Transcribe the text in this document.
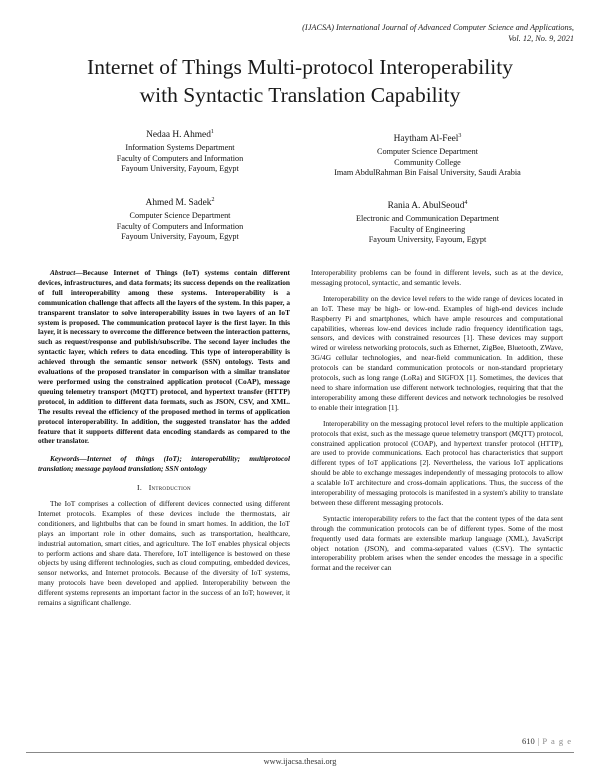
(IJACSA) International Journal of Advanced Computer Science and Applications,
Vol. 12, No. 9, 2021
Internet of Things Multi-protocol Interoperability
with Syntactic Translation Capability
Nedaa H. Ahmed$^1$
Information Systems Department
Faculty of Computers and Information
Fayoum University, Fayoum, Egypt
Haytham Al-Feel$^3$
Computer Science Department
Community College
Imam AbdulRahman Bin Faisal University, Saudi Arabia
Ahmed M. Sadek$^2$
Computer Science Department
Faculty of Computers and Information
Fayoum University, Fayoum, Egypt
Rania A. AbulSeoud$^4$
Electronic and Communication Department
Faculty of Engineering
Fayoum University, Fayoum, Egypt

Abstract—Because Internet of Things (IoT) systems contain different devices, infrastructures, and data formats; its success depends on the realization of full interoperability among these systems. Interoperability is a communication challenge that affects all the layers of the system. In this paper, a transparent translator to solve interoperability issues in two layers of an IoT system is proposed. The communication protocol layer is the first layer. In this layer, it is necessary to overcome the difference between the interaction patterns, such as request/response and publish/subscribe. The second layer includes the syntactic layer, which refers to data encoding. This type of interoperability is achieved through the semantic sensor network (SSN) ontology. Tests and evaluations of the proposed translator in comparison with a similar translator were performed using the constrained application protocol (CoAP), message queuing telemetry transport (MQTT) protocol, and hypertext transfer (HTTP) protocol, in addition to different data formats, such as JSON, CSV, and XML. The results reveal the efficiency of the proposed method in terms of application protocol interoperability. In addition, the suggested translator has the added feature that it supports different data encoding standards as compared to the other translator.

Keywords—Internet of things (IoT); interoperability; multiprotocol translation; message payload translation; SSN ontology

I. Introduction

The IoT comprises a collection of different devices connected using different Internet protocols. Examples of these devices include the thermostats, air conditioners, and lightbulbs that can be found in smart homes. In addition, the IoT plays an important role in other domains, such as transportation, healthcare, industrial automation, smart cities, and agriculture. The IoT enables physical objects to perform actions and share data. Therefore, IoT intelligence is bestowed on these objects by using different technologies, such as cloud computing, embedded devices, sensor networks, and Internet protocols. Because of the diversity of IoT systems, many protocols have been developed and applied. Interoperability between the different systems represents an important factor in the success of an IoT; however, it remains a significant challenge.

Interoperability problems can be found in different levels, such as at the device, messaging protocol, syntactic, and semantic levels.

Interoperability on the device level refers to the wide range of devices located in an IoT. These may be high- or low-end. Examples of high-end devices include Raspberry Pi and smartphones, which have ample resources and computational capabilities, whereas low-end devices include radio frequency identification tags, sensors, and devices with constrained resources [1]. These devices may support wired or wireless networking protocols, such as Ethernet, ZigBee, Bluetooth, ZWave, 3G/4G cellular technologies, and near-field communication. In addition, these protocols can be standard communication protocols or non-standard proprietary protocols, such as long range (LoRa) and SIGFOX [1]. Sometimes, the devices that need to share information use different network technologies, requiring that that the interoperability among these different devices and network technologies be resolved to enable their integration [1].

Interoperability on the messaging protocol level refers to the multiple application protocols that exist, such as the message queue telemetry transport (MQTT) protocol, constrained application protocol (COAP), and hypertext transfer protocol (HTTP), are used to provide communications. Each protocol has characteristics that support different types of IoT applications [2]. Nevertheless, the various IoT applications should be able to exchange messages independently of messaging protocols to allow a scalable IoT architecture and cross-domain applications. Thus, the success of the interoperability of messaging protocols is manifested in a system's ability to translate between these different messaging protocols.

Syntactic interoperability refers to the fact that the content types of the data sent through the communication protocols can be of different types. Some of the most frequently used data formats are extensible markup language (XML), JavaScript object notation (JSON), and comma-separated values (CSV). The syntactic interoperability problem arises when the sender encodes the message in a specific format and the receiver can

610 | P a g e
www.ijacsa.thesai.org
